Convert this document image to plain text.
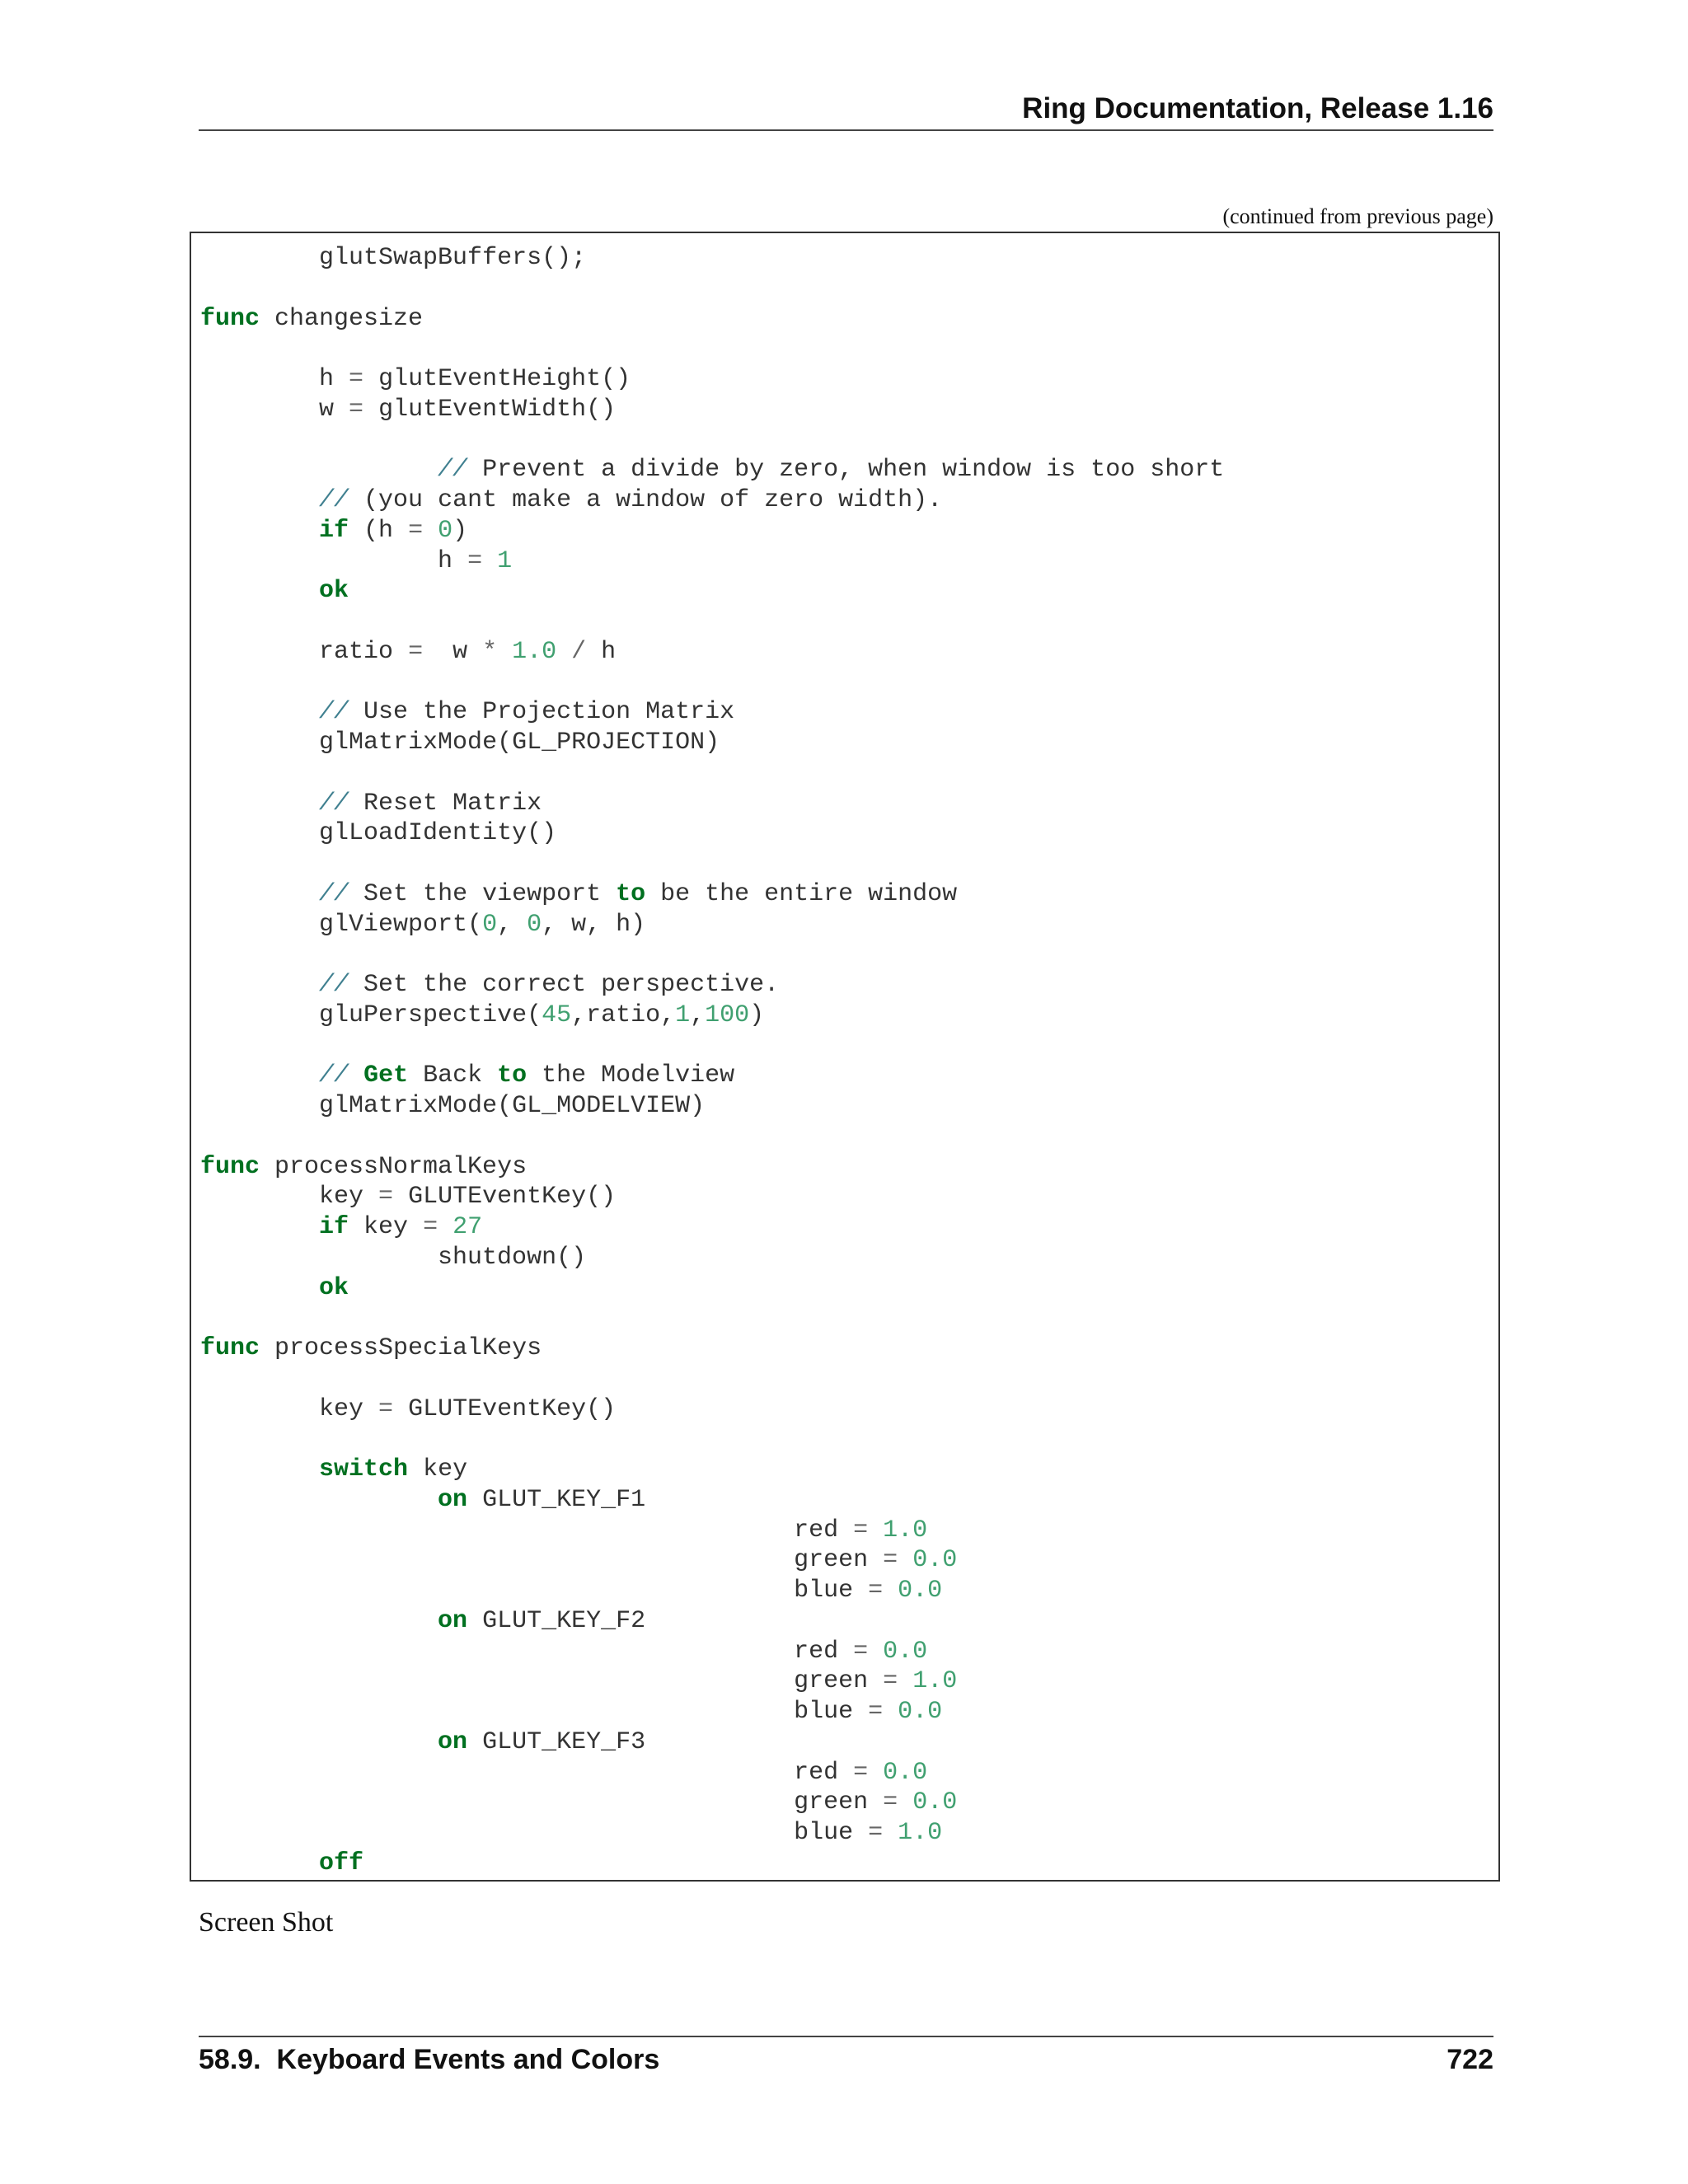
Ring Documentation, Release 1.16
(continued from previous page)
	glutSwapBuffers();

func changesize

	h = glutEventHeight()
	w = glutEventWidth()

		// Prevent a divide by zero, when window is too short
	// (you cant make a window of zero width).
	if (h = 0)
		h = 1
	ok

	ratio =  w * 1.0 / h

	// Use the Projection Matrix
	glMatrixMode(GL_PROJECTION)

	// Reset Matrix
	glLoadIdentity()

	// Set the viewport to be the entire window
	glViewport(0, 0, w, h)

	// Set the correct perspective.
	gluPerspective(45,ratio,1,100)

	// Get Back to the Modelview
	glMatrixMode(GL_MODELVIEW)

func processNormalKeys
	key = GLUTEventKey()
	if key = 27
		shutdown()
	ok

func processSpecialKeys

	key = GLUTEventKey()

	switch key
		on GLUT_KEY_F1
					red = 1.0
					green = 0.0
					blue = 0.0
		on GLUT_KEY_F2
					red = 0.0
					green = 1.0
					blue = 0.0
		on GLUT_KEY_F3
					red = 0.0
					green = 0.0
					blue = 1.0
	off
Screen Shot
58.9.  Keyboard Events and Colors	722
